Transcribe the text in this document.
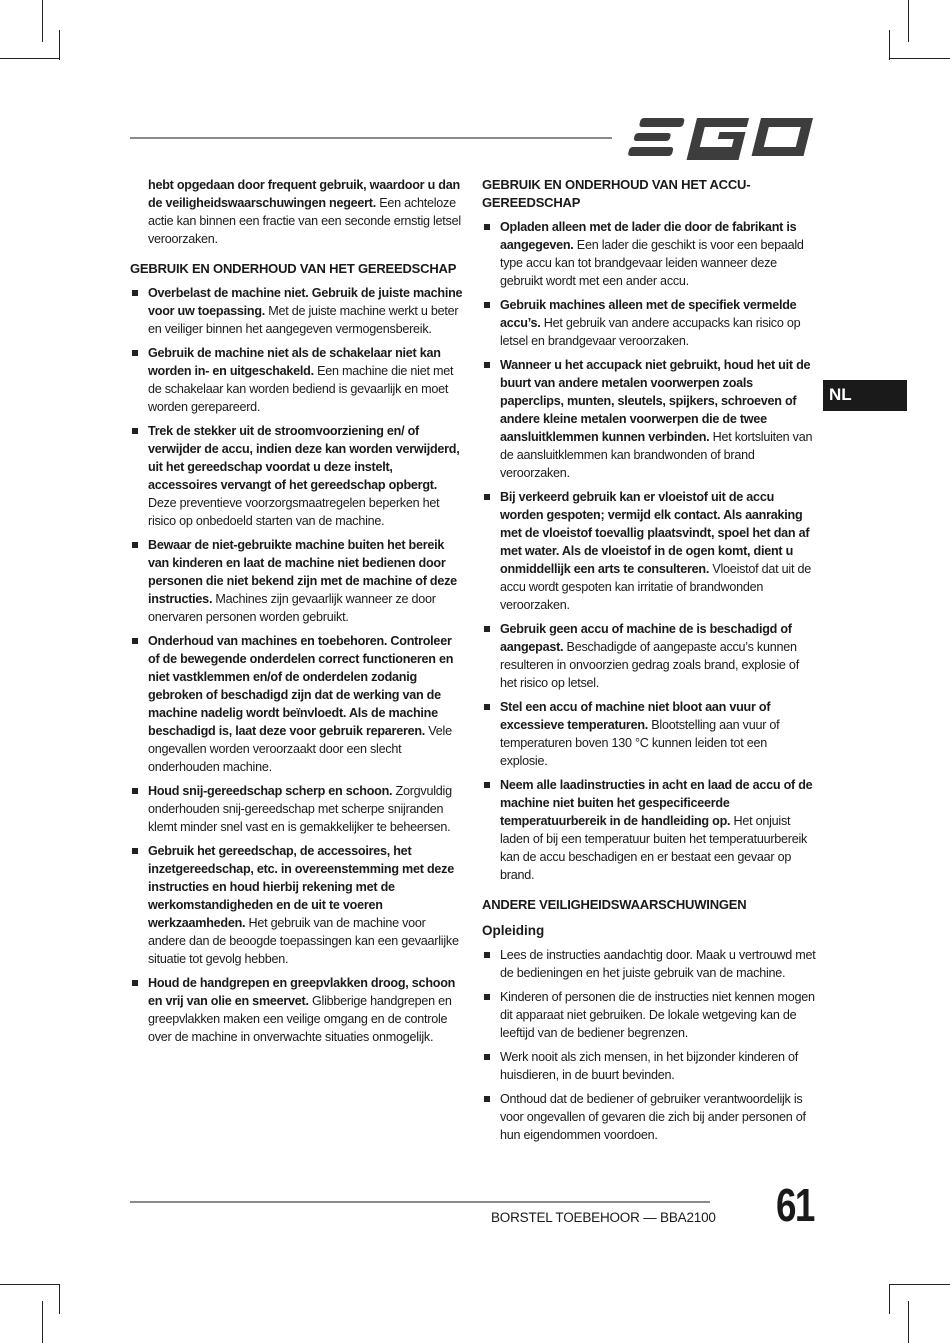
NL

hebt opgedaan door frequent gebruik, waardoor u dan de veiligheidswaarschuwingen negeert. Een achteloze actie kan binnen een fractie van een seconde ernstig letsel veroorzaken.

GEBRUIK EN ONDERHOUD VAN HET GEREEDSCHAP
Overbelast de machine niet. Gebruik de juiste machine voor uw toepassing. Met de juiste machine werkt u beter en veiliger binnen het aangegeven vermogensbereik.
Gebruik de machine niet als de schakelaar niet kan worden in- en uitgeschakeld. Een machine die niet met de schakelaar kan worden bediend is gevaarlijk en moet worden gerepareerd.
Trek de stekker uit de stroomvoorziening en/ of verwijder de accu, indien deze kan worden verwijderd, uit het gereedschap voordat u deze instelt, accessoires vervangt of het gereedschap opbergt. Deze preventieve voorzorgsmaatregelen beperken het risico op onbedoeld starten van de machine.
Bewaar de niet-gebruikte machine buiten het bereik van kinderen en laat de machine niet bedienen door personen die niet bekend zijn met de machine of deze instructies. Machines zijn gevaarlijk wanneer ze door onervaren personen worden gebruikt.
Onderhoud van machines en toebehoren. Controleer of de bewegende onderdelen correct functioneren en niet vastklemmen en/of de onderdelen zodanig gebroken of beschadigd zijn dat de werking van de machine nadelig wordt beïnvloedt. Als de machine beschadigd is, laat deze voor gebruik repareren. Vele ongevallen worden veroorzaakt door een slecht onderhouden machine.
Houd snij-gereedschap scherp en schoon. Zorgvuldig onderhouden snij-gereedschap met scherpe snijranden klemt minder snel vast en is gemakkelijker te beheersen.
Gebruik het gereedschap, de accessoires, het inzetgereedschap, etc. in overeenstemming met deze instructies en houd hierbij rekening met de werkomstandigheden en de uit te voeren werkzaamheden. Het gebruik van de machine voor andere dan de beoogde toepassingen kan een gevaarlijke situatie tot gevolg hebben.
Houd de handgrepen en greepvlakken droog, schoon en vrij van olie en smeervet. Glibberige handgrepen en greepvlakken maken een veilige omgang en de controle over de machine in onverwachte situaties onmogelijk.
GEBRUIK EN ONDERHOUD VAN HET ACCU-GEREEDSCHAP
Opladen alleen met de lader die door de fabrikant is aangegeven. Een lader die geschikt is voor een bepaald type accu kan tot brandgevaar leiden wanneer deze gebruikt wordt met een ander accu.
Gebruik machines alleen met de specifiek vermelde accu’s. Het gebruik van andere accupacks kan risico op letsel en brandgevaar veroorzaken.
Wanneer u het accupack niet gebruikt, houd het uit de buurt van andere metalen voorwerpen zoals paperclips, munten, sleutels, spijkers, schroeven of andere kleine metalen voorwerpen die de twee aansluitklemmen kunnen verbinden. Het kortsluiten van de aansluitklemmen kan brandwonden of brand veroorzaken.
Bij verkeerd gebruik kan er vloeistof uit de accu worden gespoten; vermijd elk contact. Als aanraking met de vloeistof toevallig plaatsvindt, spoel het dan af met water. Als de vloeistof in de ogen komt, dient u onmiddellijk een arts te consulteren. Vloeistof dat uit de accu wordt gespoten kan irritatie of brandwonden veroorzaken.
Gebruik geen accu of machine de is beschadigd of aangepast. Beschadigde of aangepaste accu’s kunnen resulteren in onvoorzien gedrag zoals brand, explosie of het risico op letsel.
Stel een accu of machine niet bloot aan vuur of excessieve temperaturen. Blootstelling aan vuur of temperaturen boven 130 °C kunnen leiden tot een explosie.
Neem alle laadinstructies in acht en laad de accu of de machine niet buiten het gespecificeerde temperatuurbereik in de handleiding op. Het onjuist laden of bij een temperatuur buiten het temperatuurbereik kan de accu beschadigen en er bestaat een gevaar op brand.
ANDERE VEILIGHEIDSWAARSCHUWINGEN
Opleiding
Lees de instructies aandachtig door. Maak u vertrouwd met de bedieningen en het juiste gebruik van de machine.
Kinderen of personen die de instructies niet kennen mogen dit apparaat niet gebruiken. De lokale wetgeving kan de leeftijd van de bediener begrenzen.
Werk nooit als zich mensen, in het bijzonder kinderen of huisdieren, in de buurt bevinden.
Onthoud dat de bediener of gebruiker verantwoordelijk is voor ongevallen of gevaren die zich bij ander personen of hun eigendommen voordoen.
BORSTEL TOEBEHOOR — BBA2100 61
